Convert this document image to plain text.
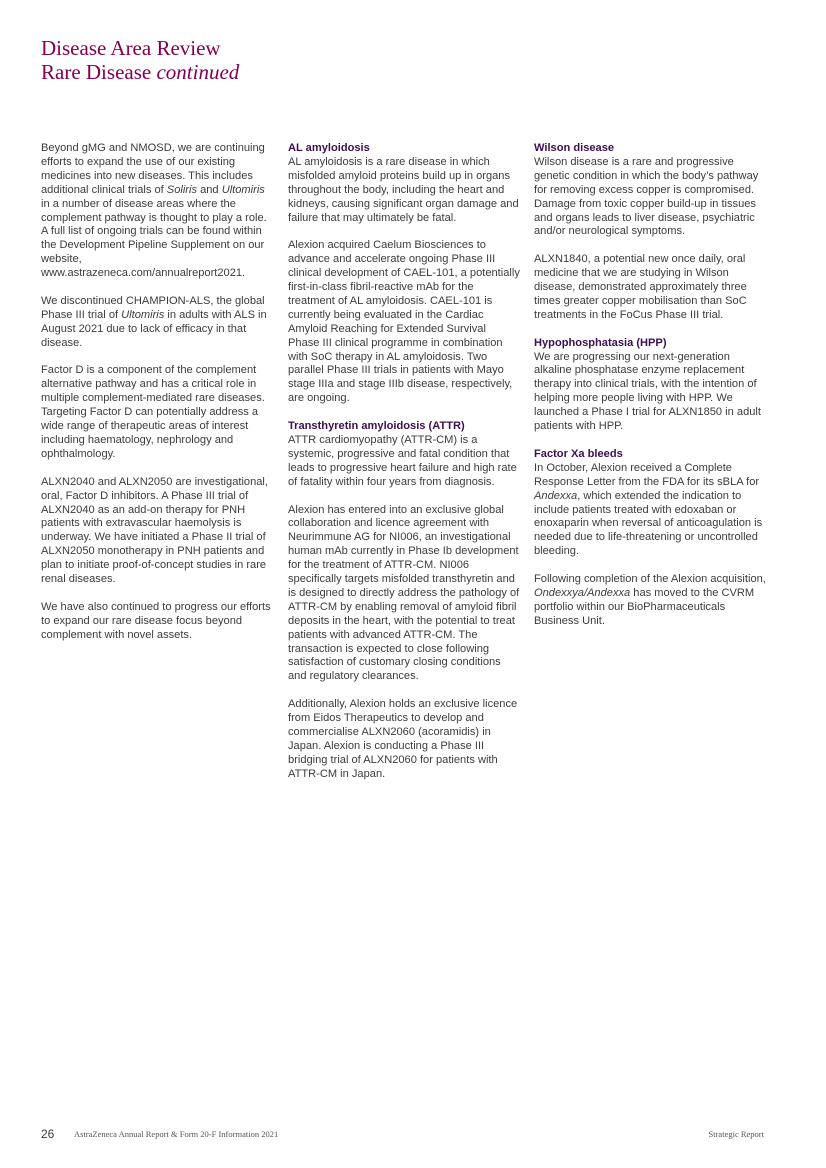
Disease Area Review
Rare Disease continued

Beyond gMG and NMOSD, we are continuing efforts to expand the use of our existing medicines into new diseases. This includes additional clinical trials of Soliris and Ultomiris in a number of disease areas where the complement pathway is thought to play a role. A full list of ongoing trials can be found within the Development Pipeline Supplement on our website, www.astrazeneca.com/annualreport2021.

We discontinued CHAMPION-ALS, the global Phase III trial of Ultomiris in adults with ALS in August 2021 due to lack of efficacy in that disease.

Factor D is a component of the complement alternative pathway and has a critical role in multiple complement-mediated rare diseases. Targeting Factor D can potentially address a wide range of therapeutic areas of interest including haematology, nephrology and ophthalmology.

ALXN2040 and ALXN2050 are investigational, oral, Factor D inhibitors. A Phase III trial of ALXN2040 as an add-on therapy for PNH patients with extravascular haemolysis is underway. We have initiated a Phase II trial of ALXN2050 monotherapy in PNH patients and plan to initiate proof-of-concept studies in rare renal diseases.

We have also continued to progress our efforts to expand our rare disease focus beyond complement with novel assets.

AL amyloidosis

AL amyloidosis is a rare disease in which misfolded amyloid proteins build up in organs throughout the body, including the heart and kidneys, causing significant organ damage and failure that may ultimately be fatal.

Alexion acquired Caelum Biosciences to advance and accelerate ongoing Phase III clinical development of CAEL-101, a potentially first-in-class fibril-reactive mAb for the treatment of AL amyloidosis. CAEL-101 is currently being evaluated in the Cardiac Amyloid Reaching for Extended Survival Phase III clinical programme in combination with SoC therapy in AL amyloidosis. Two parallel Phase III trials in patients with Mayo stage IIIa and stage IIIb disease, respectively, are ongoing.

Transthyretin amyloidosis (ATTR)

ATTR cardiomyopathy (ATTR-CM) is a systemic, progressive and fatal condition that leads to progressive heart failure and high rate of fatality within four years from diagnosis.

Alexion has entered into an exclusive global collaboration and licence agreement with Neurimmune AG for NI006, an investigational human mAb currently in Phase Ib development for the treatment of ATTR-CM. NI006 specifically targets misfolded transthyretin and is designed to directly address the pathology of ATTR-CM by enabling removal of amyloid fibril deposits in the heart, with the potential to treat patients with advanced ATTR-CM. The transaction is expected to close following satisfaction of customary closing conditions and regulatory clearances.

Additionally, Alexion holds an exclusive licence from Eidos Therapeutics to develop and commercialise ALXN2060 (acoramidis) in Japan. Alexion is conducting a Phase III bridging trial of ALXN2060 for patients with ATTR-CM in Japan.

Wilson disease

Wilson disease is a rare and progressive genetic condition in which the body’s pathway for removing excess copper is compromised. Damage from toxic copper build-up in tissues and organs leads to liver disease, psychiatric and/or neurological symptoms.

ALXN1840, a potential new once daily, oral medicine that we are studying in Wilson disease, demonstrated approximately three times greater copper mobilisation than SoC treatments in the FoCus Phase III trial.

Hypophosphatasia (HPP)

We are progressing our next-generation alkaline phosphatase enzyme replacement therapy into clinical trials, with the intention of helping more people living with HPP. We launched a Phase I trial for ALXN1850 in adult patients with HPP.

Factor Xa bleeds

In October, Alexion received a Complete Response Letter from the FDA for its sBLA for Andexxa, which extended the indication to include patients treated with edoxaban or enoxaparin when reversal of anticoagulation is needed due to life-threatening or uncontrolled bleeding.

Following completion of the Alexion acquisition, Ondexxya/Andexxa has moved to the CVRM portfolio within our BioPharmaceuticals Business Unit.

26 AstraZeneca Annual Report & Form 20-F Information 2021	Strategic Report
